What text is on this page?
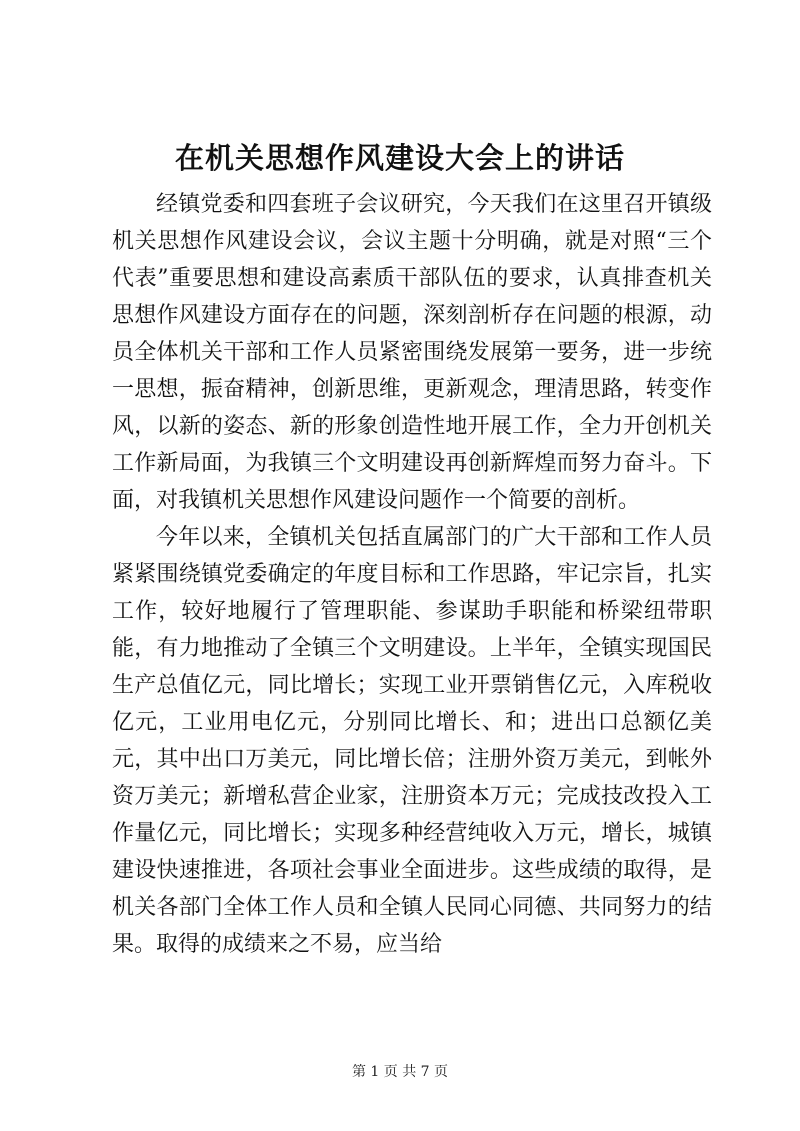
在机关思想作风建设大会上的讲话

经镇党委和四套班子会议研究，今天我们在这里召开镇级机关思想作风建设会议，会议主题十分明确，就是对照“三个代表”重要思想和建设高素质干部队伍的要求，认真排查机关思想作风建设方面存在的问题，深刻剖析存在问题的根源，动员全体机关干部和工作人员紧密围绕发展第一要务，进一步统一思想，振奋精神，创新思维，更新观念，理清思路，转变作风，以新的姿态、新的形象创造性地开展工作，全力开创机关工作新局面，为我镇三个文明建设再创新辉煌而努力奋斗。下面，对我镇机关思想作风建设问题作一个简要的剖析。

今年以来，全镇机关包括直属部门的广大干部和工作人员紧紧围绕镇党委确定的年度目标和工作思路，牢记宗旨，扎实工作，较好地履行了管理职能、参谋助手职能和桥梁纽带职能，有力地推动了全镇三个文明建设。上半年，全镇实现国民生产总值亿元，同比增长；实现工业开票销售亿元，入库税收亿元，工业用电亿元，分别同比增长、和；进出口总额亿美元，其中出口万美元，同比增长倍；注册外资万美元，到帐外资万美元；新增私营企业家，注册资本万元；完成技改投入工作量亿元，同比增长；实现多种经营纯收入万元，增长，城镇建设快速推进，各项社会事业全面进步。这些成绩的取得，是机关各部门全体工作人员和全镇人民同心同德、共同努力的结果。取得的成绩来之不易，应当给

第 1 页 共 7 页
